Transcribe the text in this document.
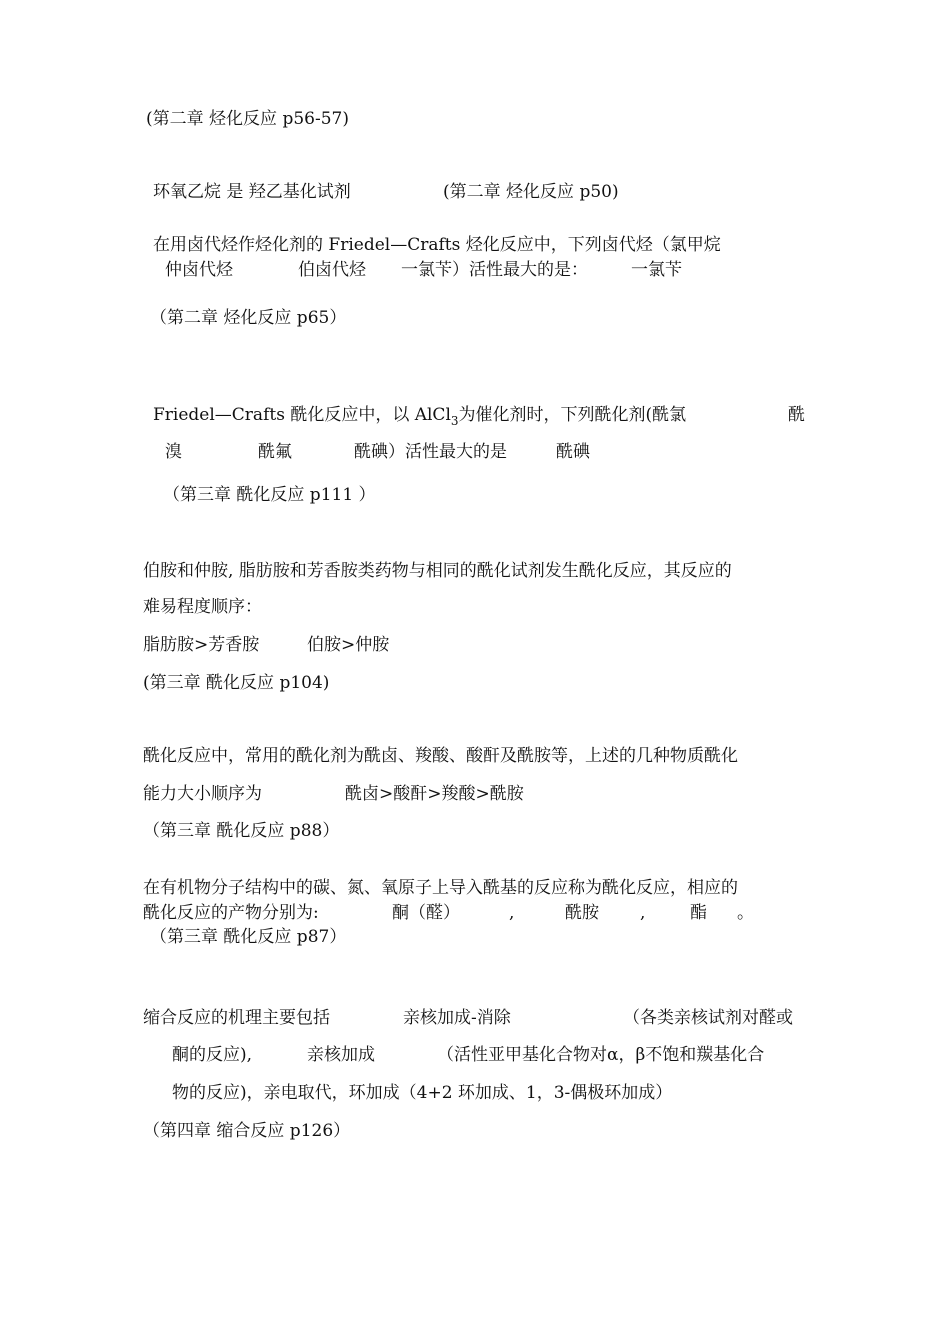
(第二章 烃化反应 p56-57)
环氧乙烷 是 羟乙基化试剂	(第二章 烃化反应 p50)
在用卤代烃作烃化剂的 Friedel—Crafts 烃化反应中，下列卤代烃（氯甲烷
仲卤代烃	伯卤代烃 一氯苄）活性最大的是：	一氯苄
（第二章 烃化反应 p65）
Friedel—Crafts 酰化反应中，以 AlCl$_3$为催化剂时，下列酰化剂(酰氯	酰
溴	酰氟	酰碘）活性最大的是	酰碘
（第三章 酰化反应 p111 ）
伯胺和仲胺, 脂肪胺和芳香胺类药物与相同的酰化试剂发生酰化反应，其反应的
难易程度顺序：
脂肪胺>芳香胺	伯胺>仲胺
(第三章 酰化反应 p104)
酰化反应中，常用的酰化剂为酰卤、羧酸、酸酐及酰胺等，上述的几种物质酰化
能力大小顺序为	酰卤>酸酐>羧酸>酰胺
（第三章 酰化反应 p88）
在有机物分子结构中的碳、氮、氧原子上导入酰基的反应称为酰化反应，相应的
酰化反应的产物分别为:	酮（醛）	,	酰胺 ,	酯 。
（第三章 酰化反应 p87）
缩合反应的机理主要包括	亲核加成-消除	（各类亲核试剂对醛或
酮的反应),	亲核加成	（活性亚甲基化合物对α，β不饱和羰基化合
物的反应)，亲电取代，环加成（4+2 环加成、1，3-偶极环加成）
（第四章 缩合反应 p126）
